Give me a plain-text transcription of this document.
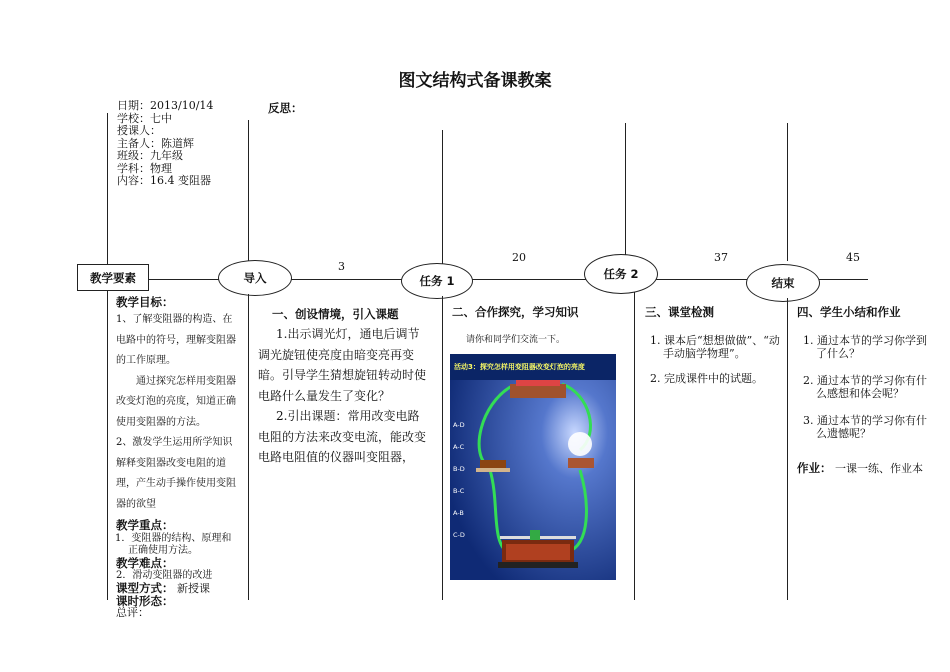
图文结构式备课教案
日期：2013/10/14
学校：七中
授课人：
主备人：陈道辉
班级：九年级
学科：物理
内容：16.4 变阻器
反思：
3
20	37	45
教学要素	导入	任务 1	任务 2
结束
教学目标：
1、了解变阻器的构造、在电路中的符号，理解变阻器的工作原理。
通过探究怎样用变阻器改变灯泡的亮度，知道正确使用变阻器的方法。
2、激发学生运用所学知识解释变阻器改变电阻的道理，产生动手操作使用变阻器的欲望
教学重点：
1．变阻器的结构、原理和正确使用方法。
教学难点：
2．滑动变阻器的改进
课型方式： 新授课
课时形态：
总评：
一、创设情境，引入课题
1.出示调光灯，通电后调节调光旋钮使亮度由暗变亮再变暗。引导学生猜想旋钮转动时使电路什么量发生了变化？
2.引出课题：常用改变电路电阻的方法来改变电流，能改变电路电阻值的仪器叫变阻器，
二、合作探究，学习知识
请你和同学们交流一下。
活动3：探究怎样用变阻器改变灯泡的亮度
A-D
A-C
B-D
B-C
A-B
C-D
三、课堂检测
1. 课本后“想想做做”、“动手动脑学物理”。
2. 完成课件中的试题。
四、学生小结和作业
1. 通过本节的学习你学到了什么？
2. 通过本节的学习你有什么感想和体会呢？
3. 通过本节的学习你有什么遗憾呢？
作业： 一课一练、作业本
